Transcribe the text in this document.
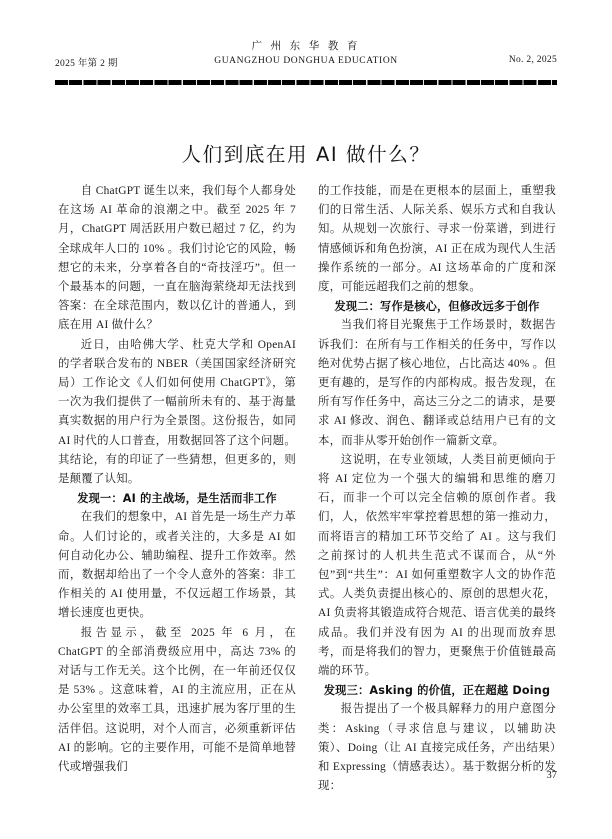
广 州 东 华 教 育
GUANGZHOU DONGHUA EDUCATION
2025 年第 2 期	No. 2, 2025
人们到底在用 AI 做什么？

自 ChatGPT 诞生以来，我们每个人都身处在这场 AI 革命的浪潮之中。截至 2025 年 7 月，ChatGPT 周活跃用户数已超过 7 亿，约为全球成年人口的 10% 。我们讨论它的风险，畅想它的未来，分享着各自的“奇技淫巧”。但一个最基本的问题，一直在脑海萦绕却无法找到答案：在全球范围内，数以亿计的普通人，到底在用 AI 做什么？

近日，由哈佛大学、杜克大学和 OpenAI 的学者联合发布的 NBER（美国国家经济研究局）工作论文《人们如何使用 ChatGPT》，第一次为我们提供了一幅前所未有的、基于海量真实数据的用户行为全景图。这份报告，如同 AI 时代的人口普查，用数据回答了这个问题。其结论，有的印证了一些猜想，但更多的，则是颠覆了认知。

发现一：AI 的主战场，是生活而非工作

在我们的想象中，AI 首先是一场生产力革命。人们讨论的，或者关注的，大多是 AI 如何自动化办公、辅助编程、提升工作效率。然而，数据却给出了一个令人意外的答案：非工作相关的 AI 使用量，不仅远超工作场景，其增长速度也更快。

报告显示，截至 2025 年 6 月，在 ChatGPT 的全部消费级应用中，高达 73% 的对话与工作无关。这个比例，在一年前还仅仅是 53% 。这意味着，AI 的主流应用，正在从办公室里的效率工具，迅速扩展为客厅里的生活伴侣。这说明，对个人而言，必须重新评估 AI 的影响。它的主要作用，可能不是简单地替代或增强我们

的工作技能，而是在更根本的层面上，重塑我们的日常生活、人际关系、娱乐方式和自我认知。从规划一次旅行、寻求一份菜谱，到进行情感倾诉和角色扮演，AI 正在成为现代人生活操作系统的一部分。AI 这场革命的广度和深度，可能远超我们之前的想象。

发现二：写作是核心，但修改远多于创作

当我们将目光聚焦于工作场景时，数据告诉我们：在所有与工作相关的任务中，写作以绝对优势占据了核心地位，占比高达 40% 。但更有趣的，是写作的内部构成。报告发现，在所有写作任务中，高达三分之二的请求，是要求 AI 修改、润色、翻译或总结用户已有的文本，而非从零开始创作一篇新文章。

这说明，在专业领域，人类目前更倾向于将 AI 定位为一个强大的编辑和思维的磨刀石，而非一个可以完全信赖的原创作者。我们，人，依然牢牢掌控着思想的第一推动力，而将语言的精加工环节交给了 AI 。这与我们之前探讨的人机共生范式不谋而合，从“外包”到“共生”：AI 如何重塑数字人文的协作范式。人类负责提出核心的、原创的思想火花，AI 负责将其锻造成符合规范、语言优美的最终成品。我们并没有因为 AI 的出现而放弃思考，而是将我们的智力，更聚焦于价值链最高端的环节。

发现三：Asking 的价值，正在超越 Doing

报告提出了一个极具解释力的用户意图分类：Asking（寻求信息与建议，以辅助决策）、Doing（让 AI 直接完成任务，产出结果）和 Expressing（情感表达）。基于数据分析的发现：

37
